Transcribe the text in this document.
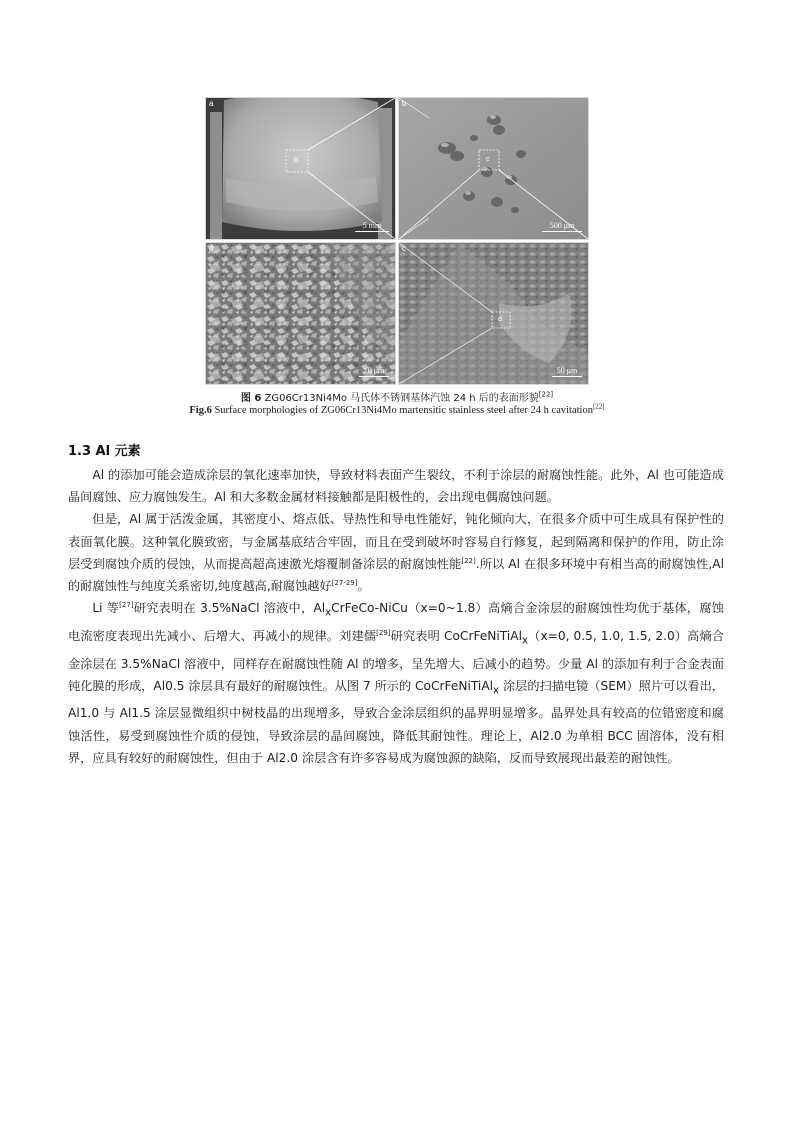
a
b
5 mm
b
c
500 μm
d
10 μm
c
d
50 μm
图 6 ZG06Cr13Ni4Mo 马氏体不锈钢基体汽蚀 24 h 后的表面形貌[22]
Fig.6 Surface morphologies of ZG06Cr13Ni4Mo martensitic stainless steel after 24 h cavitation[22]
1.3 Al 元素

Al 的添加可能会造成涂层的氧化速率加快，导致材料表面产生裂纹，不利于涂层的耐腐蚀性能。此外，Al 也可能造成晶间腐蚀、应力腐蚀发生。Al 和大多数金属材料接触都是阳极性的，会出现电偶腐蚀问题。

但是，Al 属于活泼金属，其密度小、熔点低、导热性和导电性能好，钝化倾向大，在很多介质中可生成具有保护性的表面氧化膜。这种氧化膜致密，与金属基底结合牢固，而且在受到破坏时容易自行修复，起到隔离和保护的作用，防止涂层受到腐蚀介质的侵蚀，从而提高超高速激光熔覆制备涂层的耐腐蚀性能[22].所以 Al 在很多环境中有相当高的耐腐蚀性,Al 的耐腐蚀性与纯度关系密切,纯度越高,耐腐蚀越好[27-29]。

Li 等[27]研究表明在 3.5%NaCl 溶液中，$Al_xCrFeCo-NiCu(x=0\sim 1.8)$高熵合金涂层的耐腐蚀性均优于基体，腐蚀电流密度表现出先减小、后增大、再减小的规律。刘建儒[29]研究表明 CoCrFeNiTiAl$_x$（x=0, 0.5, 1.0, 1.5, 2.0）高熵合金涂层在 3.5%NaCl 溶液中，同样存在耐腐蚀性随 Al 的增多，呈先增大、后减小的趋势。少量 Al 的添加有利于合金表面钝化膜的形成，Al0.5 涂层具有最好的耐腐蚀性。从图 7 所示的 CoCrFeNiTiAl$_x$ 涂层的扫描电镜（SEM）照片可以看出，Al1.0 与 Al1.5 涂层显微组织中树枝晶的出现增多，导致合金涂层组织的晶界明显增多。晶界处具有较高的位错密度和腐蚀活性，易受到腐蚀性介质的侵蚀，导致涂层的晶间腐蚀，降低其耐蚀性。理论上，Al2.0 为单相 BCC 固溶体，没有相界，应具有较好的耐腐蚀性，但由于 Al2.0 涂层含有许多容易成为腐蚀源的缺陷，反而导致展现出最差的耐蚀性。
